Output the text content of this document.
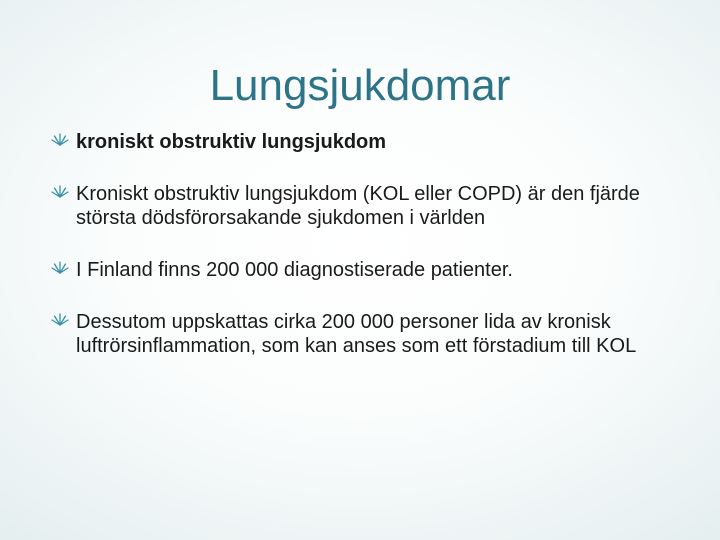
Lungsjukdomar
kroniskt obstruktiv lungsjukdom
Kroniskt obstruktiv lungsjukdom (KOL eller COPD) är den fjärde största dödsförorsakande sjukdomen i världen
I Finland finns 200 000 diagnostiserade patienter.
Dessutom uppskattas cirka 200 000 personer lida av kronisk luftrörsinflammation, som kan anses som ett förstadium till KOL
